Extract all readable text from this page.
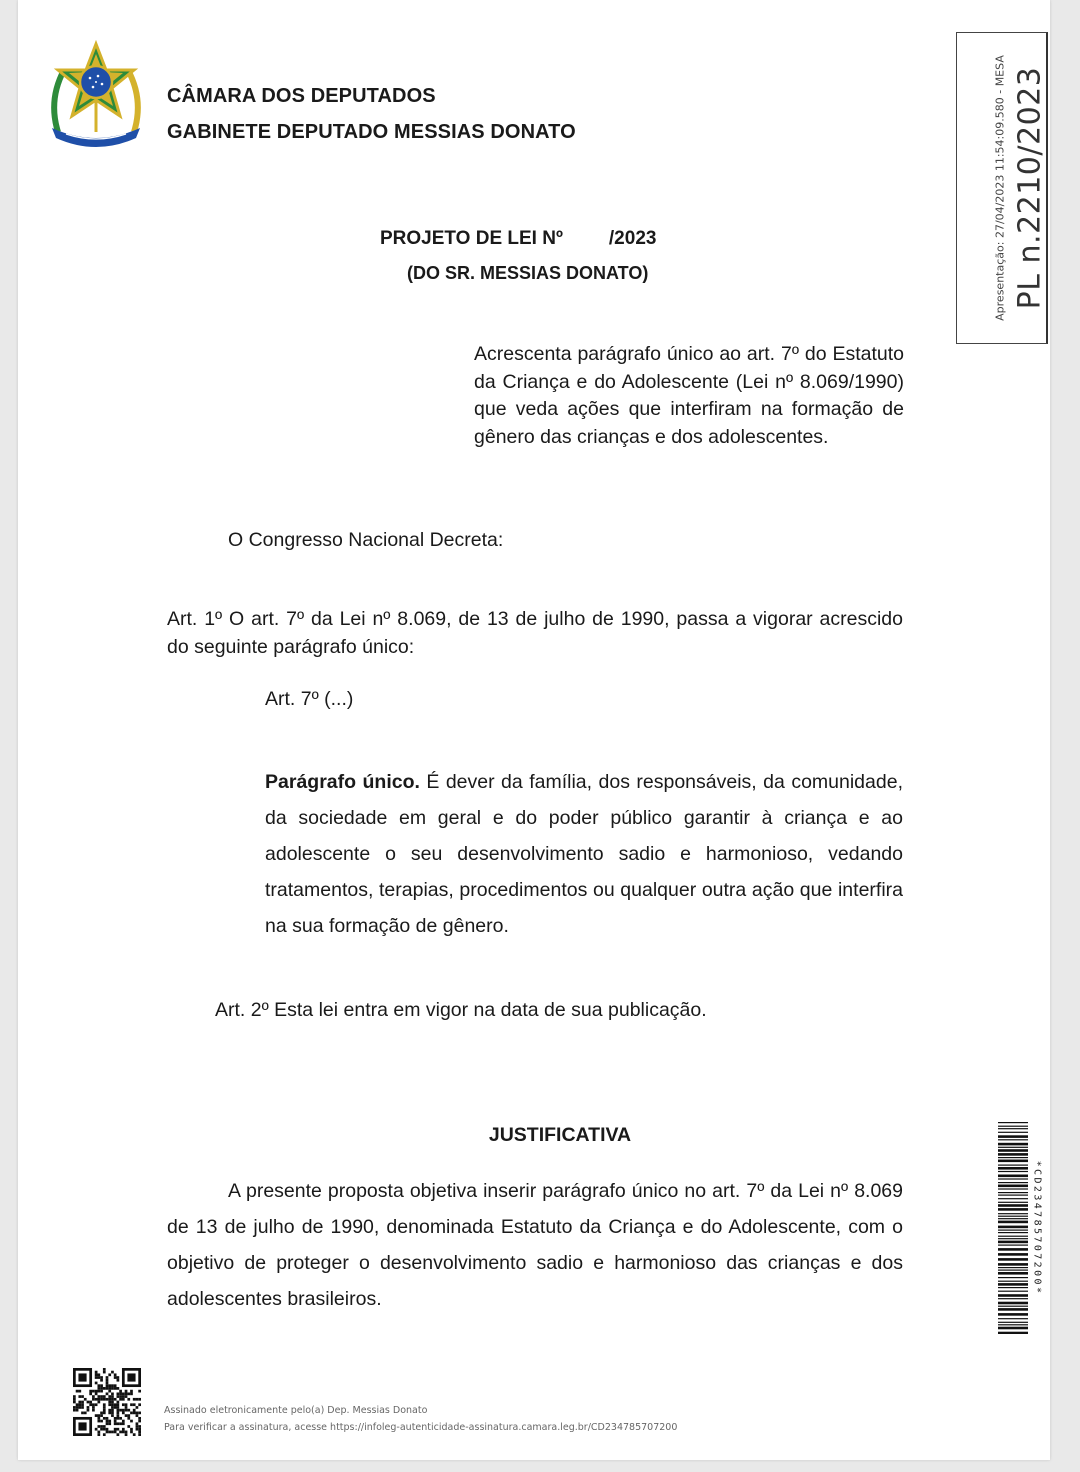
CÂMARA DOS DEPUTADOS
GABINETE DEPUTADO MESSIAS DONATO	Apresentação: 27/04/2023 11:54:09.580 - MESA PL n.2210/2023
PROJETO DE LEI Nº /2023
(DO SR. MESSIAS DONATO)
Acrescenta parágrafo único ao art. 7º do Estatuto da Criança e do Adolescente (Lei nº 8.069/1990) que veda ações que interfiram na formação de gênero das crianças e dos adolescentes.
O Congresso Nacional Decreta:
Art. 1º O art. 7º da Lei nº 8.069, de 13 de julho de 1990, passa a vigorar acrescido do seguinte parágrafo único:
Art. 7º (...)
Parágrafo único. É dever da família, dos responsáveis, da comunidade, da sociedade em geral e do poder público garantir à criança e ao adolescente o seu desenvolvimento sadio e harmonioso, vedando tratamentos, terapias, procedimentos ou qualquer outra ação que interfira na sua formação de gênero.
Art. 2º Esta lei entra em vigor na data de sua publicação.
JUSTIFICATIVA
A presente proposta objetiva inserir parágrafo único no art. 7º da Lei nº 8.069 de 13 de julho de 1990, denominada Estatuto da Criança e do Adolescente, com o objetivo de proteger o desenvolvimento sadio e harmonioso das crianças e dos adolescentes brasileiros.
*CD234785707200*
Assinado eletronicamente pelo(a) Dep. Messias Donato
Para verificar a assinatura, acesse https://infoleg-autenticidade-assinatura.camara.leg.br/CD234785707200
